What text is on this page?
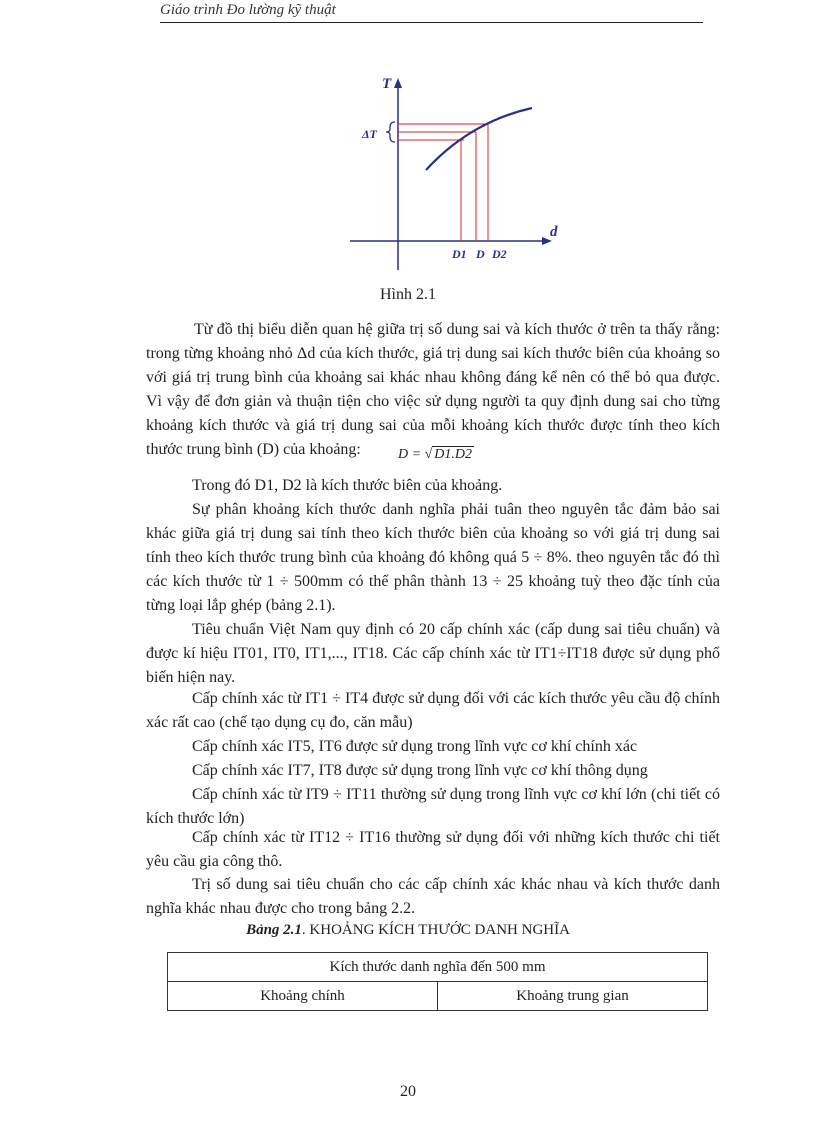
Giáo trình Đo lường kỹ thuật
T
d
ΔT
D1 D D2
Hình 2.1

Từ đồ thị biểu diễn quan hệ giữa trị số dung sai và kích thước ở trên ta thấy rằng: trong từng khoảng nhỏ Δd của kích thước, giá trị dung sai kích thước biên của khoảng so với giá trị trung bình của khoảng sai khác nhau không đáng kể nên có thể bỏ qua được. Vì vậy để đơn giản và thuận tiện cho việc sử dụng người ta quy định dung sai cho từng khoảng kích thước và giá trị dung sai của mỗi khoảng kích thước được tính theo kích thước trung bình (D) của khoảng:	D = √ D1.D2

Trong đó D1, D2 là kích thước biên của khoảng.

Sự phân khoảng kích thước danh nghĩa phải tuân theo nguyên tắc đảm bảo sai khác giữa giá trị dung sai tính theo kích thước biên của khoảng so với giá trị dung sai tính theo kích thước trung bình của khoảng đó không quá 5 ÷ 8%. theo nguyên tắc đó thì các kích thước từ 1 ÷ 500mm có thể phân thành 13 ÷ 25 khoảng tuỳ theo đặc tính của từng loại lắp ghép (bảng 2.1).

Tiêu chuẩn Việt Nam quy định có 20 cấp chính xác (cấp dung sai tiêu chuẩn) và được kí hiệu IT01, IT0, IT1,..., IT18. Các cấp chính xác từ IT1÷IT18 được sử dụng phổ biến hiện nay.

Cấp chính xác từ IT1 ÷ IT4 được sử dụng đối với các kích thước yêu cầu độ chính xác rất cao (chế tạo dụng cụ đo, căn mẫu)

Cấp chính xác IT5, IT6 được sử dụng trong lĩnh vực cơ khí chính xác

Cấp chính xác IT7, IT8 được sử dụng trong lĩnh vực cơ khí thông dụng

Cấp chính xác từ IT9 ÷ IT11 thường sử dụng trong lĩnh vực cơ khí lớn (chi tiết có kích thước lớn)

Cấp chính xác từ IT12 ÷ IT16 thường sử dụng đối với những kích thước chi tiết yêu cầu gia công thô.

Trị số dung sai tiêu chuẩn cho các cấp chính xác khác nhau và kích thước danh nghĩa khác nhau được cho trong bảng 2.2.

Bảng 2.1. KHOẢNG KÍCH THƯỚC DANH NGHĨA
Kích thước danh nghĩa đến 500 mm
Khoảng chính	Khoảng trung gian
20
